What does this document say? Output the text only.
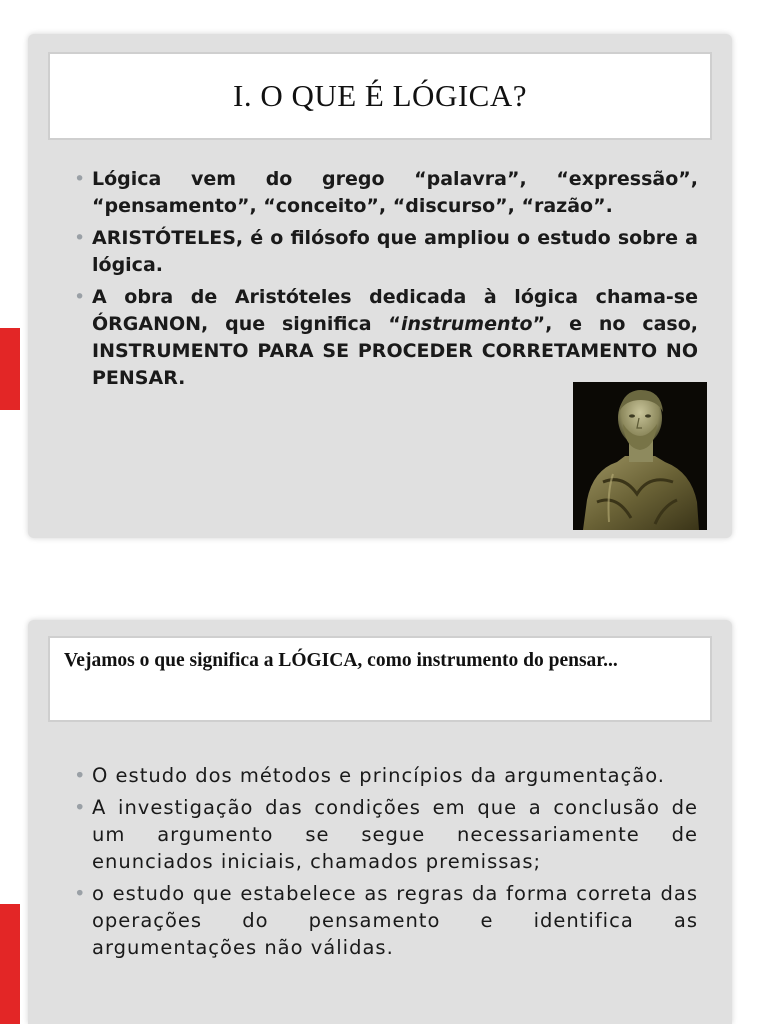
I. O QUE É LÓGICA?
• Lógica vem do grego “palavra”, “expressão”, “pensamento”, “conceito”, “discurso”, “razão”.
• ARISTÓTELES, é o filósofo que ampliou o estudo sobre a lógica.
• A obra de Aristóteles dedicada à lógica chama-se ÓRGANON, que significa “instrumento”, e no caso, INSTRUMENTO PARA SE PROCEDER CORRETAMENTO NO PENSAR.
Vejamos o que significa a LÓGICA, como instrumento do pensar...
• O estudo dos métodos e princípios da argumentação.
• A investigação das condições em que a conclusão de um argumento se segue necessariamente de enunciados iniciais, chamados premissas;
• o estudo que estabelece as regras da forma correta das operações do pensamento e identifica as argumentações não válidas.
